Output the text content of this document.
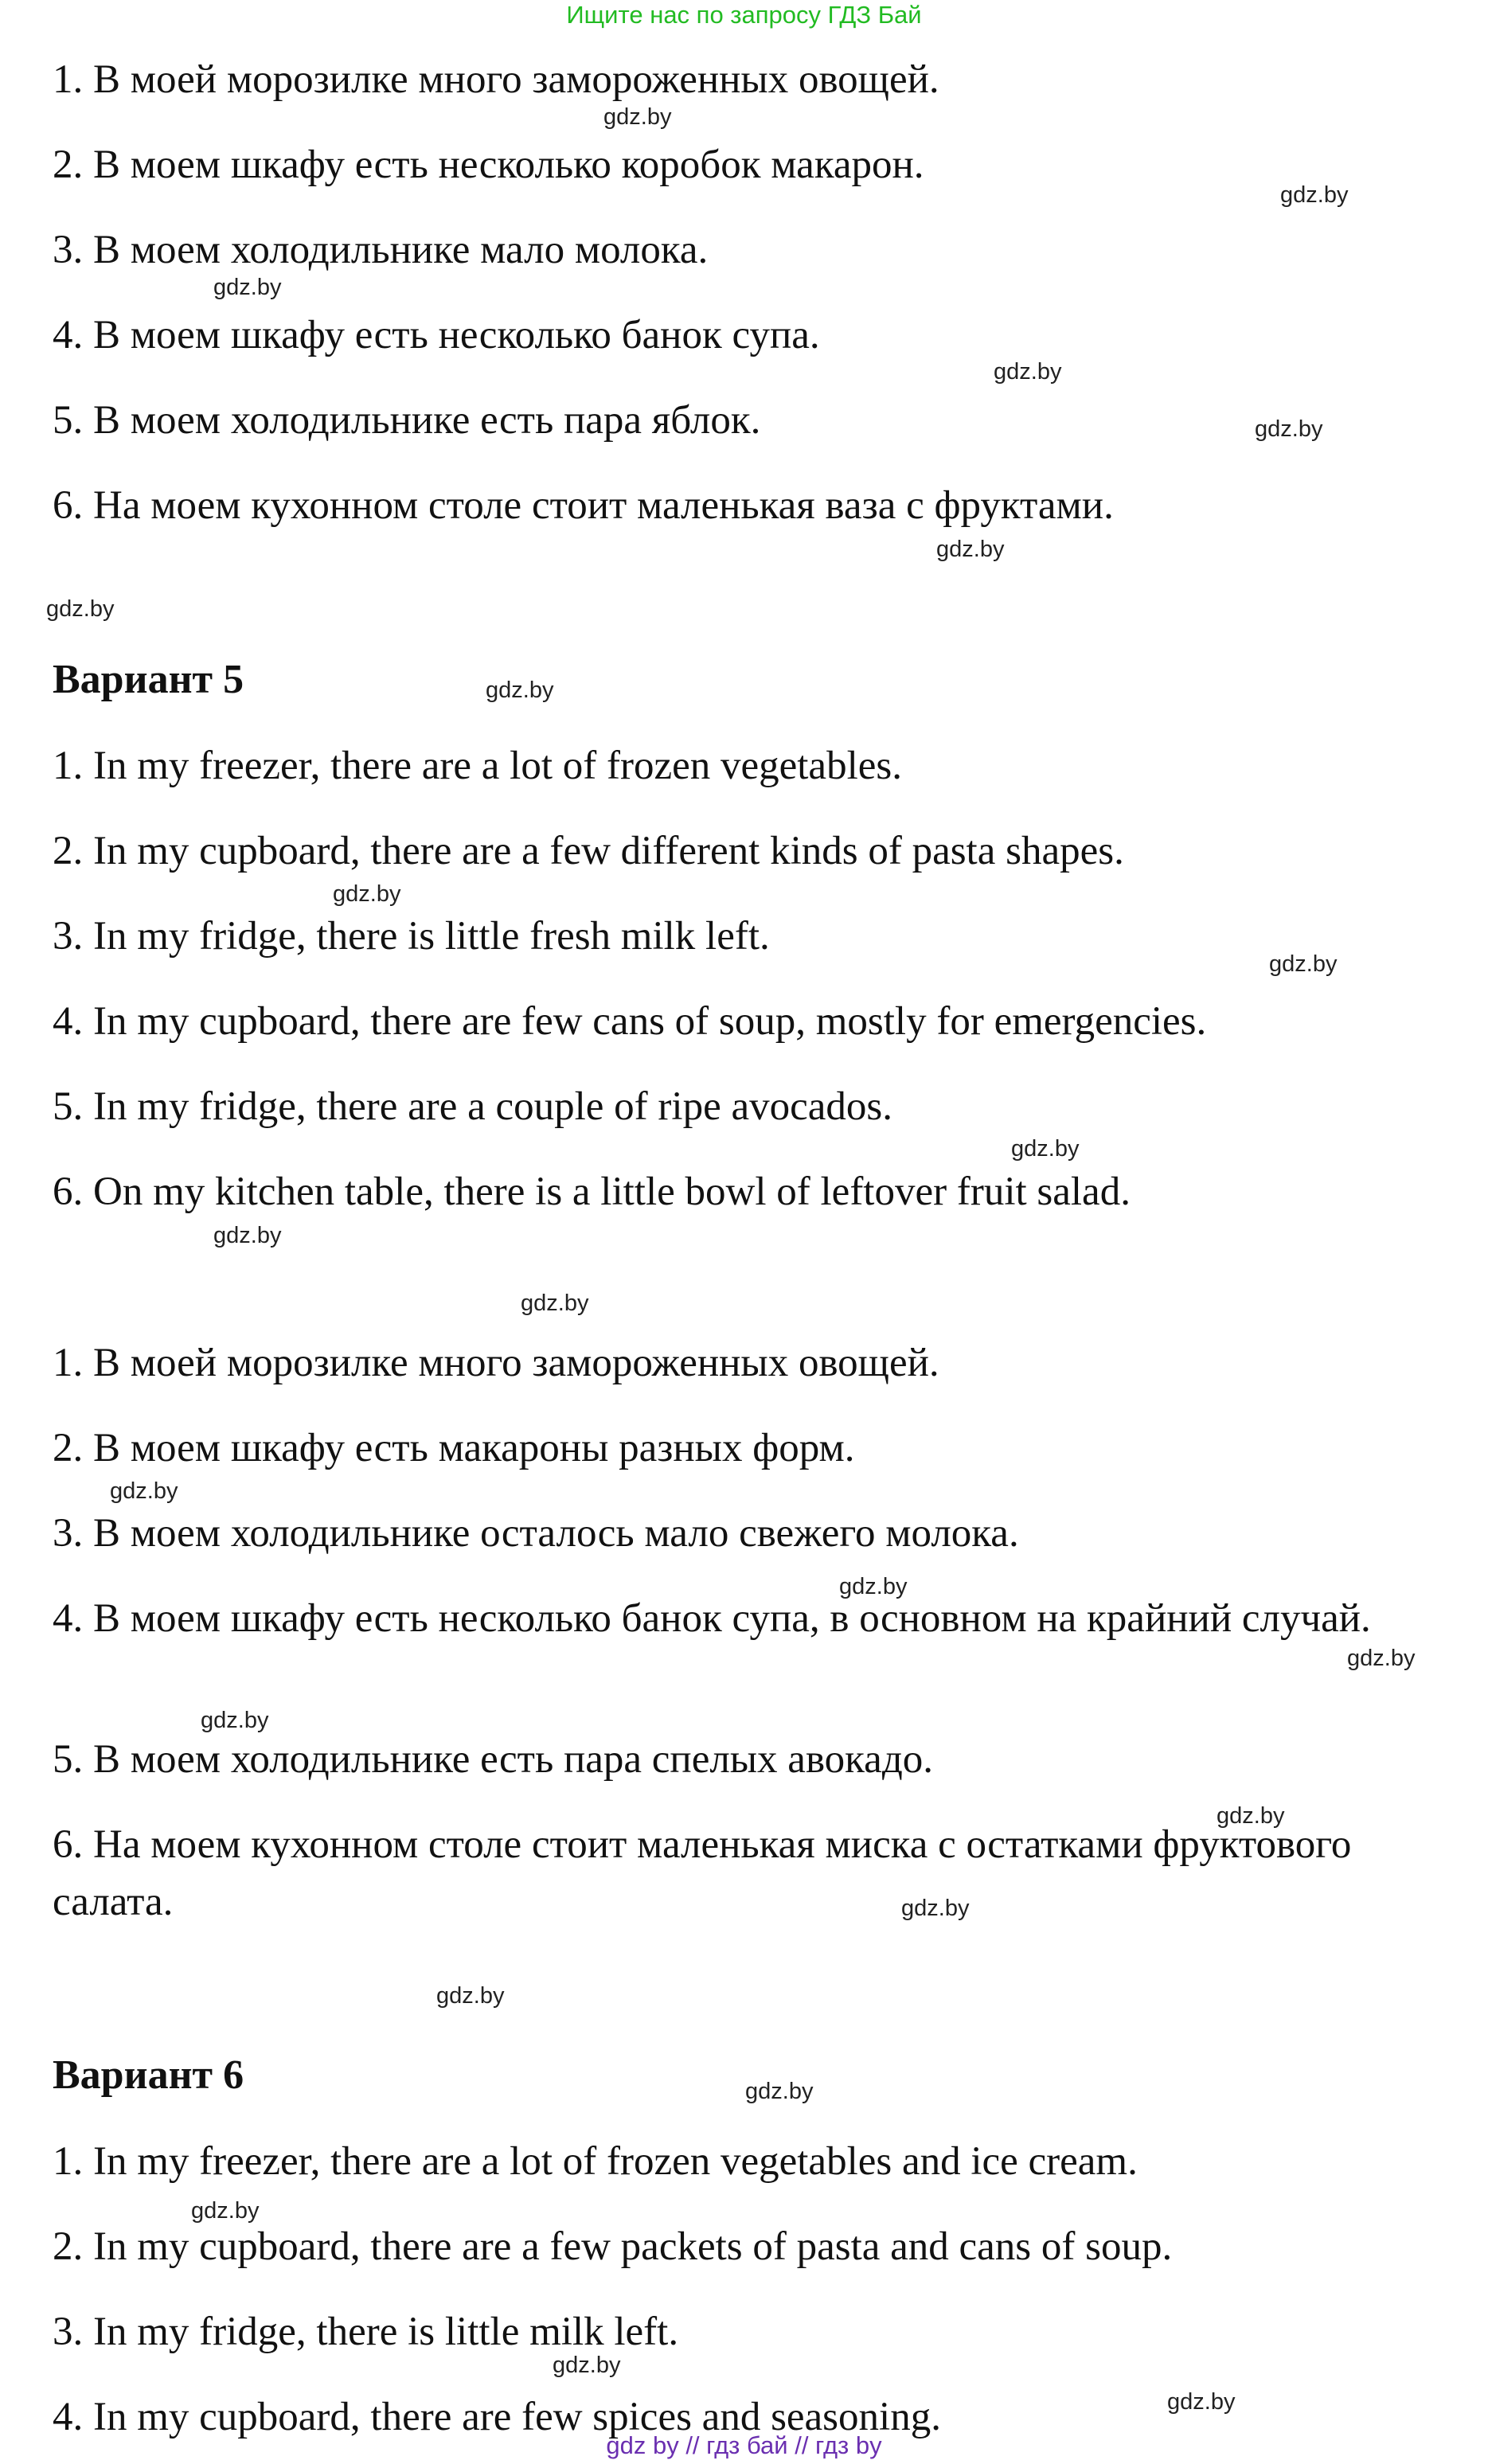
Ищите нас по запросу ГДЗ Бай
1. В моей морозилке много замороженных овощей.
2. В моем шкафу есть несколько коробок макарон.
3. В моем холодильнике мало молока.
4. В моем шкафу есть несколько банок супа.
5. В моем холодильнике есть пара яблок.
6. На моем кухонном столе стоит маленькая ваза с фруктами.
Вариант 5
1. In my freezer, there are a lot of frozen vegetables.
2. In my cupboard, there are a few different kinds of pasta shapes.
3. In my fridge, there is little fresh milk left.
4. In my cupboard, there are few cans of soup, mostly for emergencies.
5. In my fridge, there are a couple of ripe avocados.
6. On my kitchen table, there is a little bowl of leftover fruit salad.
1. В моей морозилке много замороженных овощей.
2. В моем шкафу есть макароны разных форм.
3. В моем холодильнике осталось мало свежего молока.
4. В моем шкафу есть несколько банок супа, в основном на крайний случай.
5. В моем холодильнике есть пара спелых авокадо.
6. На моем кухонном столе стоит маленькая миска с остатками фруктового салата.
Вариант 6
1. In my freezer, there are a lot of frozen vegetables and ice cream.
2. In my cupboard, there are a few packets of pasta and cans of soup.
3. In my fridge, there is little milk left.
4. In my cupboard, there are few spices and seasoning.
gdz.by
gdz.by
gdz.by
gdz.by
gdz.by
gdz.by
gdz.by
gdz.by
gdz.by
gdz.by
gdz.by
gdz.by
gdz.by
gdz.by
gdz.by
gdz.by
gdz.by
gdz.by
gdz.by
gdz.by
gdz.by
gdz.by
gdz.by
gdz.by
gdz by // гдз бай // гдз by
